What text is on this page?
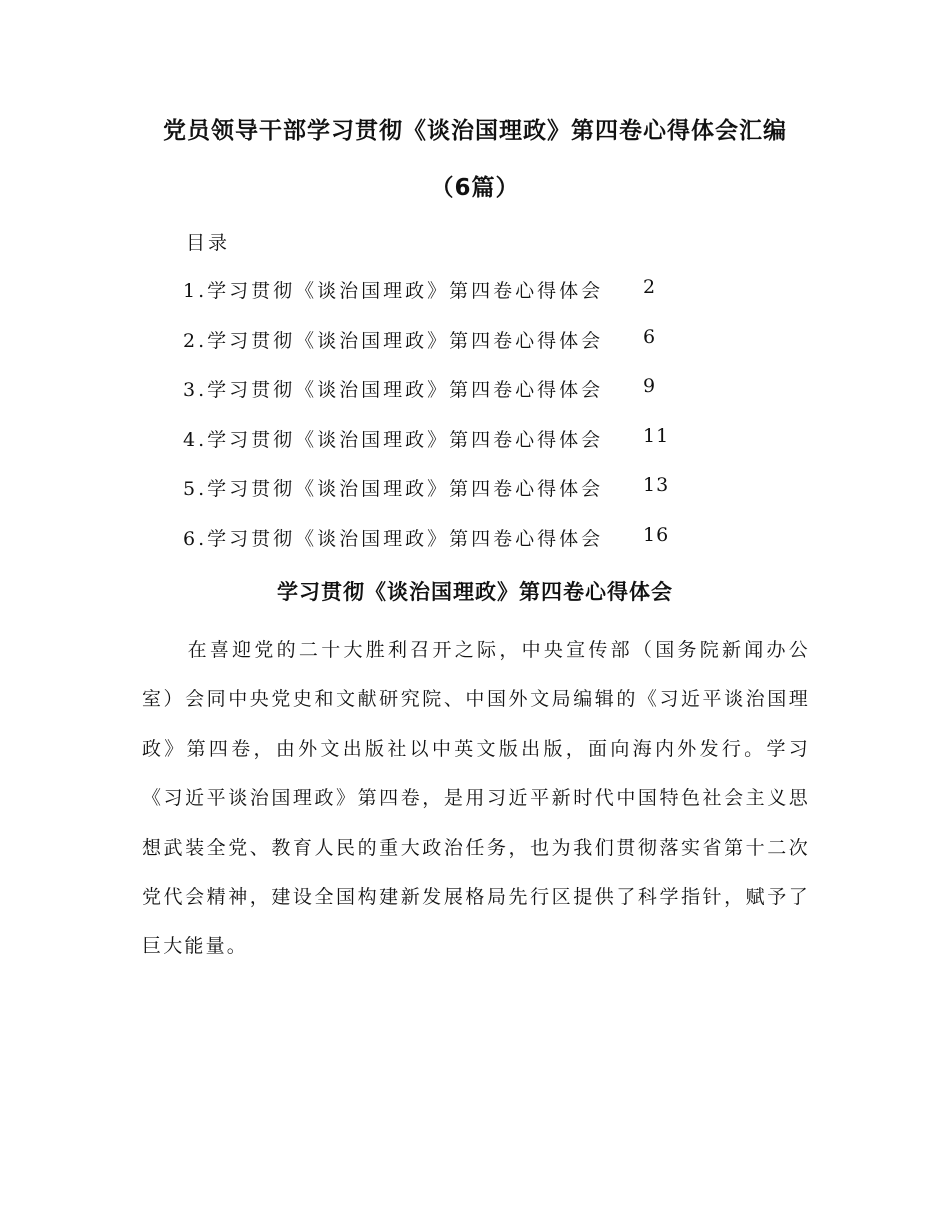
党员领导干部学习贯彻《谈治国理政》第四卷心得体会汇编
（6篇）
目录
1.学习贯彻《谈治国理政》第四卷心得体会 2
2.学习贯彻《谈治国理政》第四卷心得体会 6
3.学习贯彻《谈治国理政》第四卷心得体会 9
4.学习贯彻《谈治国理政》第四卷心得体会 11
5.学习贯彻《谈治国理政》第四卷心得体会 13
6.学习贯彻《谈治国理政》第四卷心得体会 16
学习贯彻《谈治国理政》第四卷心得体会

在喜迎党的二十大胜利召开之际，中央宣传部（国务院新闻办公室）会同中央党史和文献研究院、中国外文局编辑的《习近平谈治国理政》第四卷，由外文出版社以中英文版出版，面向海内外发行。学习《习近平谈治国理政》第四卷，是用习近平新时代中国特色社会主义思想武装全党、教育人民的重大政治任务，也为我们贯彻落实省第十二次党代会精神，建设全国构建新发展格局先行区提供了科学指针，赋予了巨大能量。
